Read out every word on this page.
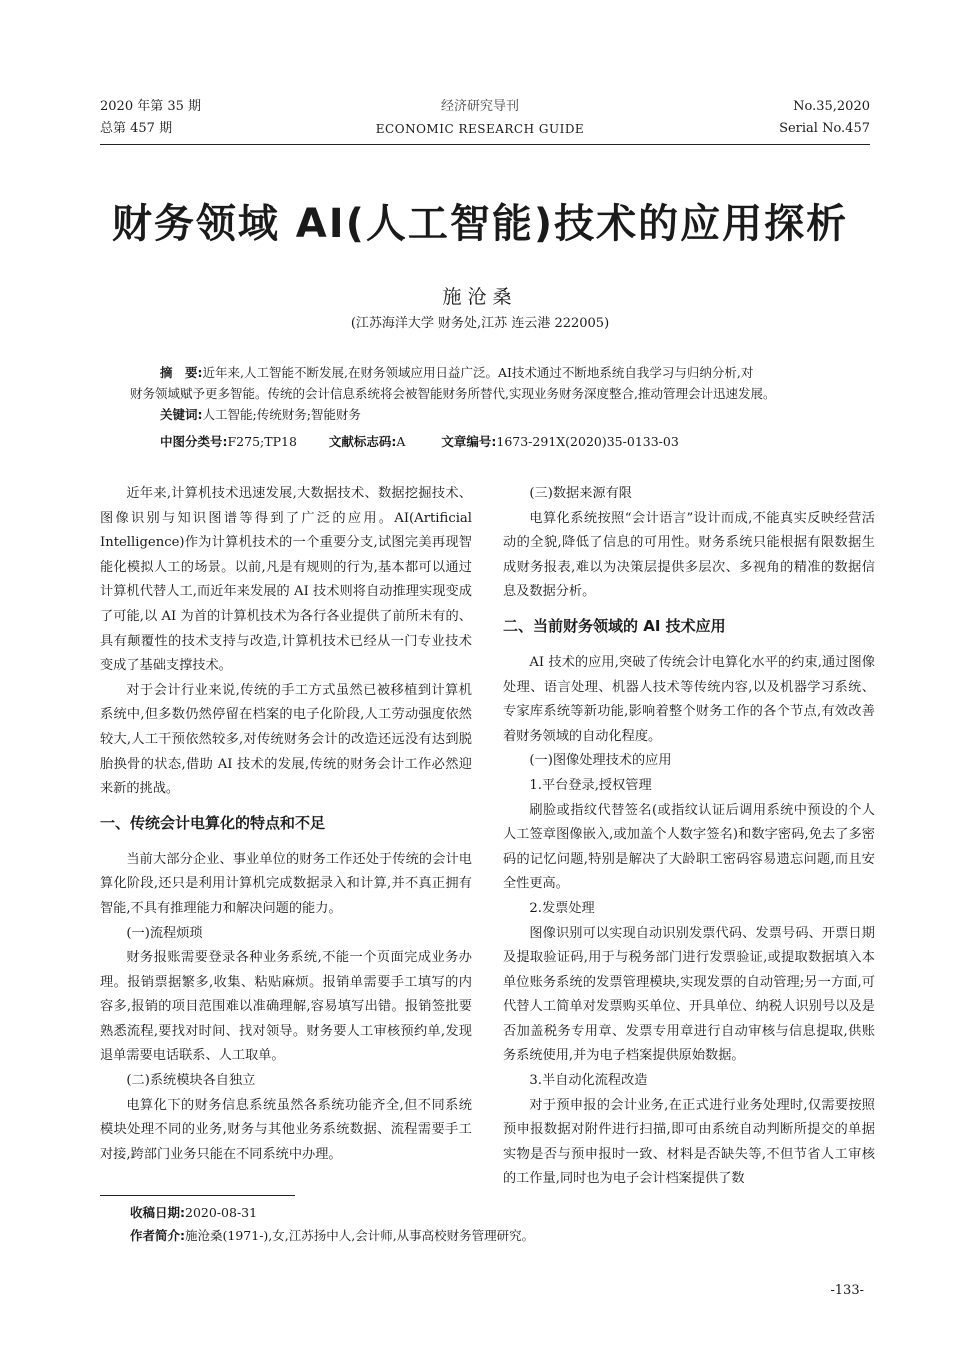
2020 年第 35 期
总第 457 期
经济研究导刊
ECONOMIC RESEARCH GUIDE
No.35,2020
Serial No.457
财务领域 AI(人工智能)技术的应用探析
施沧桑
(江苏海洋大学 财务处,江苏 连云港 222005)

摘　要:近年来,人工智能不断发展,在财务领域应用日益广泛。AI技术通过不断地系统自我学习与归纳分析,对

财务领域赋予更多智能。传统的会计信息系统将会被智能财务所替代,实现业务财务深度整合,推动管理会计迅速发展。

关键词:人工智能;传统财务;智能财务

中图分类号:F275;TP18	文献标志码:A	文章编号:1673-291X(2020)35-0133-03

近年来,计算机技术迅速发展,大数据技术、数据挖掘技术、图像识别与知识图谱等得到了广泛的应用。AI(Artificial Intelligence)作为计算机技术的一个重要分支,试图完美再现智能化模拟人工的场景。以前,凡是有规则的行为,基本都可以通过计算机代替人工,而近年来发展的 AI 技术则将自动推理实现变成了可能,以 AI 为首的计算机技术为各行各业提供了前所未有的、具有颠覆性的技术支持与改造,计算机技术已经从一门专业技术变成了基础支撑技术。

对于会计行业来说,传统的手工方式虽然已被移植到计算机系统中,但多数仍然停留在档案的电子化阶段,人工劳动强度依然较大,人工干预依然较多,对传统财务会计的改造还远没有达到脱胎换骨的状态,借助 AI 技术的发展,传统的财务会计工作必然迎来新的挑战。

一、传统会计电算化的特点和不足

当前大部分企业、事业单位的财务工作还处于传统的会计电算化阶段,还只是利用计算机完成数据录入和计算,并不真正拥有智能,不具有推理能力和解决问题的能力。

(一)流程烦琐

财务报账需要登录各种业务系统,不能一个页面完成业务办理。报销票据繁多,收集、粘贴麻烦。报销单需要手工填写的内容多,报销的项目范围难以准确理解,容易填写出错。报销签批要熟悉流程,要找对时间、找对领导。财务要人工审核预约单,发现退单需要电话联系、人工取单。

(二)系统模块各自独立

电算化下的财务信息系统虽然各系统功能齐全,但不同系统模块处理不同的业务,财务与其他业务系统数据、流程需要手工对接,跨部门业务只能在不同系统中办理。

(三)数据来源有限

电算化系统按照“会计语言”设计而成,不能真实反映经营活动的全貌,降低了信息的可用性。财务系统只能根据有限数据生成财务报表,难以为决策层提供多层次、多视角的精准的数据信息及数据分析。

二、当前财务领域的 AI 技术应用

AI 技术的应用,突破了传统会计电算化水平的约束,通过图像处理、语言处理、机器人技术等传统内容,以及机器学习系统、专家库系统等新功能,影响着整个财务工作的各个节点,有效改善着财务领域的自动化程度。

(一)图像处理技术的应用

1.平台登录,授权管理

刷脸或指纹代替签名(或指纹认证后调用系统中预设的个人人工签章图像嵌入,或加盖个人数字签名)和数字密码,免去了多密码的记忆问题,特别是解决了大龄职工密码容易遗忘问题,而且安全性更高。

2.发票处理

图像识别可以实现自动识别发票代码、发票号码、开票日期及提取验证码,用于与税务部门进行发票验证,或提取数据填入本单位账务系统的发票管理模块,实现发票的自动管理;另一方面,可代替人工简单对发票购买单位、开具单位、纳税人识别号以及是否加盖税务专用章、发票专用章进行自动审核与信息提取,供账务系统使用,并为电子档案提供原始数据。

3.半自动化流程改造

对于预申报的会计业务,在正式进行业务处理时,仅需要按照预申报数据对附件进行扫描,即可由系统自动判断所提交的单据实物是否与预申报时一致、材料是否缺失等,不但节省人工审核的工作量,同时也为电子会计档案提供了数

收稿日期:2020-08-31
作者简介:施沧桑(1971-),女,江苏扬中人,会计师,从事高校财务管理研究。
-133-
